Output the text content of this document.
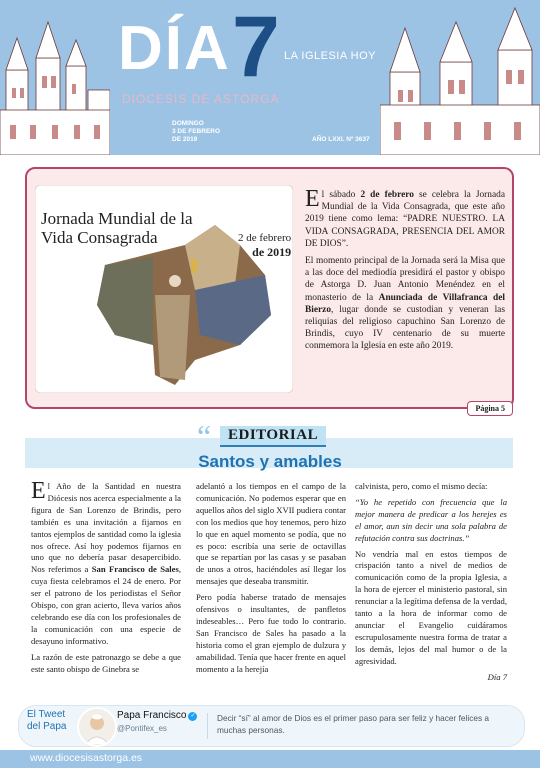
DÍA 7 LA IGLESIA HOY
DIOCESIS DE ASTORGA
DOMINGO
3 DE FEBRERO
DE 2019	AÑO LXXI. Nº 3637
Jornada Mundial de la
Vida Consagrada	2 de febrero
de 2019

El sábado 2 de febrero se celebra la Jornada Mundial de la Vida Consagrada, que este año 2019 tiene como lema: “PADRE NUESTRO. LA VIDA CONSAGRADA, PRESENCIA DEL AMOR DE DIOS”.

El momento principal de la Jornada será la Misa que a las doce del mediodía presidirá el pastor y obispo de Astorga D. Juan Antonio Menéndez en el monasterio de la Anunciada de Villafranca del Bierzo, lugar donde se custodian y veneran las reliquias del religioso capuchino San Lorenzo de Brindis, cuyo IV centenario de su muerte conmemora la Iglesia en este año 2019.

Página 5
“	EDITORIAL
Santos y amables

El Año de la Santidad en nuestra Diócesis nos acerca especialmente a la figura de San Lorenzo de Brindis, pero también es una invitación a fijarnos en tantos ejemplos de santidad como la iglesia nos ofrece. Así hoy podemos fijarnos en uno que no debería pasar desapercibido. Nos referimos a San Francisco de Sales, cuya fiesta celebramos el 24 de enero. Por ser el patrono de los periodistas el Señor Obispo, con gran acierto, lleva varios años celebrando ese día con los profesionales de la comunicación con una especie de desayuno informativo.

La razón de este patronazgo se debe a que este santo obispo de Ginebra se

adelantó a los tiempos en el campo de la comunicación. No podemos esperar que en aquellos años del siglo XVII pudiera contar con los medios que hoy tenemos, pero hizo lo que en aquel momento se podía, que no es poco: escribía una serie de octavillas que se repartían por las casas y se pasaban de unos a otros, haciéndoles así llegar los mensajes que deseaba transmitir.

Pero podía haberse tratado de mensajes ofensivos o insultantes, de panfletos indeseables… Pero fue todo lo contrario. San Francisco de Sales ha pasado a la historia como el gran ejemplo de dulzura y amabilidad. Tenía que hacer frente en aquel momento a la herejía

calvinista, pero, como el mismo decía:

“Yo he repetido con frecuencia que la mejor manera de predicar a los herejes es el amor, aun sin decir una sola palabra de refutación contra sus doctrinas.”

No vendría mal en estos tiempos de crispación tanto a nivel de medios de comunicación como de la propia Iglesia, a la hora de ejercer el ministerio pastoral, sin renunciar a la legítima defensa de la verdad, tanto a la hora de informar como de anunciar el Evangelio cuidáramos escrupulosamente nuestra forma de tratar a los demás, lejos del mal humor o de la agresividad.

Día 7

El Tweet
del Papa
Papa Francisco ✓
@Pontifex_es
Decir “sí” al amor de Dios es el primer paso para ser feliz y hacer felices a muchas personas.
www.diocesisastorga.es
